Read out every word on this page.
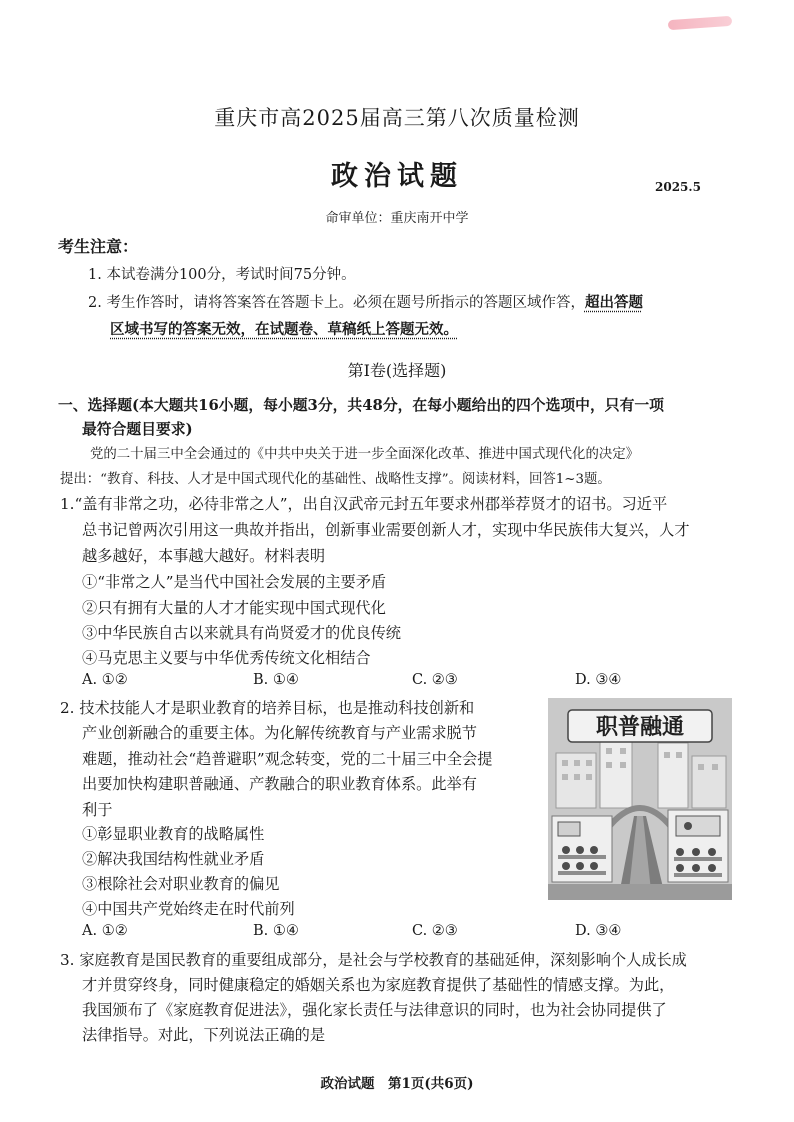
重庆市高2025届高三第八次质量检测
政治试题	2025.5
命审单位：重庆南开中学
考生注意：
1. 本试卷满分100分，考试时间75分钟。
2. 考生作答时，请将答案答在答题卡上。必须在题号所指示的答题区域作答，超出答题
区域书写的答案无效，在试题卷、草稿纸上答题无效。
第Ⅰ卷(选择题)
一、选择题(本大题共16小题，每小题3分，共48分，在每小题给出的四个选项中，只有一项
最符合题目要求)
党的二十届三中全会通过的《中共中央关于进一步全面深化改革、推进中国式现代化的决定》
提出：“教育、科技、人才是中国式现代化的基础性、战略性支撑”。阅读材料，回答1~3题。
1.“盖有非常之功，必待非常之人”，出自汉武帝元封五年要求州郡举荐贤才的诏书。习近平
总书记曾两次引用这一典故并指出，创新事业需要创新人才，实现中华民族伟大复兴，人才
越多越好，本事越大越好。材料表明
①“非常之人”是当代中国社会发展的主要矛盾
②只有拥有大量的人才才能实现中国式现代化
③中华民族自古以来就具有尚贤爱才的优良传统
④马克思主义要与中华优秀传统文化相结合
A. ①②	B. ①④	C. ②③	D. ③④
2. 技术技能人才是职业教育的培养目标，也是推动科技创新和
产业创新融合的重要主体。为化解传统教育与产业需求脱节
难题，推动社会“趋普避职”观念转变，党的二十届三中全会提
出要加快构建职普融通、产教融合的职业教育体系。此举有
利于
①彰显职业教育的战略属性
②解决我国结构性就业矛盾
③根除社会对职业教育的偏见
④中国共产党始终走在时代前列
A. ①②	B. ①④	C. ②③	D. ③④
职普融通
3. 家庭教育是国民教育的重要组成部分，是社会与学校教育的基础延伸，深刻影响个人成长成
才并贯穿终身，同时健康稳定的婚姻关系也为家庭教育提供了基础性的情感支撑。为此，
我国颁布了《家庭教育促进法》，强化家长责任与法律意识的同时，也为社会协同提供了
法律指导。对此，下列说法正确的是
政治试题　第1页(共6页)
